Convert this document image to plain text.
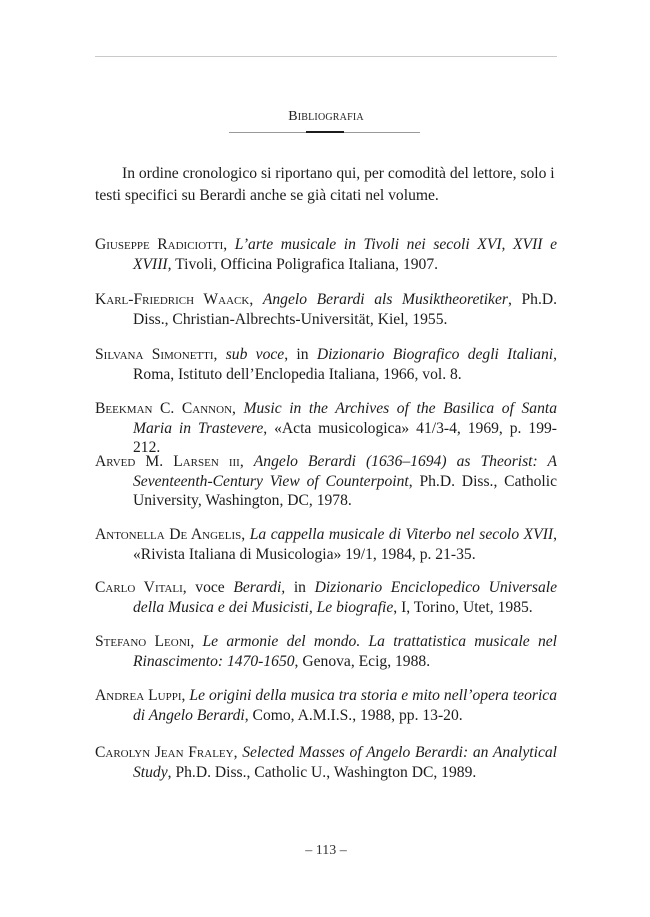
Bibliografia

In ordine cronologico si riportano qui, per comodità del lettore, solo i testi specifici su Berardi anche se già citati nel volume.

Giuseppe Radiciotti, L’arte musicale in Tivoli nei secoli XVI, XVII e XVIII, Tivoli, Officina Poligrafica Italiana, 1907.
Karl-Friedrich Waack, Angelo Berardi als Musiktheoretiker, Ph.D. Diss., Christian-Albrechts-Universität, Kiel, 1955.
Silvana Simonetti, sub voce, in Dizionario Biografico degli Italiani, Roma, Istituto dell’Enclopedia Italiana, 1966, vol. 8.
Beekman C. Cannon, Music in the Archives of the Basilica of Santa Maria in Trastevere, «Acta musicologica» 41/3-4, 1969, p. 199-212.
Arved M. Larsen iii, Angelo Berardi (1636–1694) as Theorist: A Seventeenth-Century View of Counterpoint, Ph.D. Diss., Catholic University, Washington, DC, 1978.
Antonella De Angelis, La cappella musicale di Viterbo nel secolo XVII, «Rivista Italiana di Musicologia» 19/1, 1984, p. 21-35.
Carlo Vitali, voce Berardi, in Dizionario Enciclopedico Universale della Musica e dei Musicisti, Le biografie, I, Torino, Utet, 1985.
Stefano Leoni, Le armonie del mondo. La trattatistica musicale nel Rinascimento: 1470-1650, Genova, Ecig, 1988.
Andrea Luppi, Le origini della musica tra storia e mito nell’opera teorica di Angelo Berardi, Como, A.M.I.S., 1988, pp. 13-20.
Carolyn Jean Fraley, Selected Masses of Angelo Berardi: an Analytical Study, Ph.D. Diss., Catholic U., Washington DC, 1989.
– 113 –
